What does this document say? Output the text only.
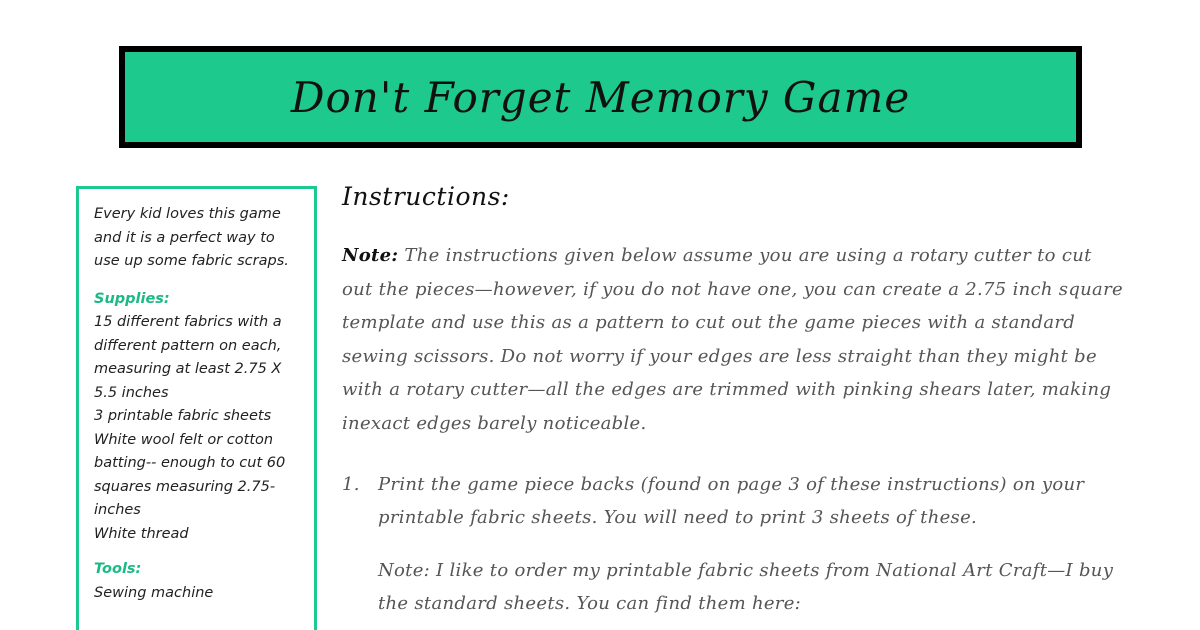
Don't Forget Memory Game

Every kid loves this game and it is a perfect way to use up some fabric scraps.

Supplies:

15 different fabrics with a different pattern on each, measuring at least 2.75 X 5.5 inches

3 printable fabric sheets

White wool felt or cotton batting-- enough to cut 60 squares measuring 2.75-inches

White thread

Tools:

Sewing machine

Instructions:

Note: The instructions given below assume you are using a rotary cutter to cut out the pieces—however, if you do not have one, you can create a 2.75 inch square template and use this as a pattern to cut out the game pieces with a standard sewing scissors. Do not worry if your edges are less straight than they might be with a rotary cutter—all the edges are trimmed with pinking shears later, making inexact edges barely noticeable.

1. Print the game piece backs (found on page 3 of these instructions) on your printable fabric sheets. You will need to print 3 sheets of these.

Note: I like to order my printable fabric sheets from National Art Craft—I buy the standard sheets. You can find them here:
